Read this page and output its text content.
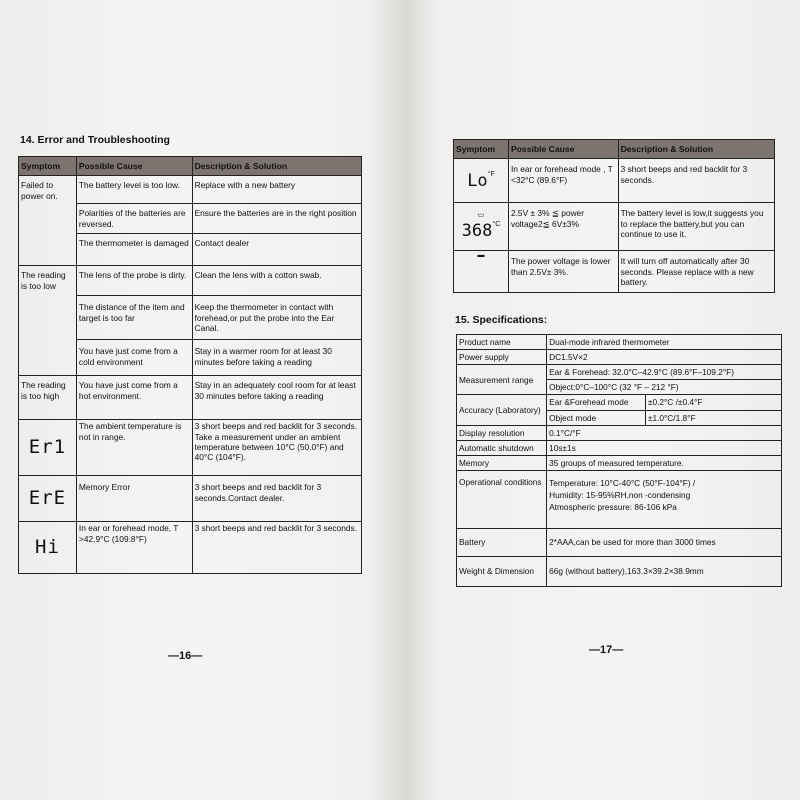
14. Error and Troubleshooting
Symptom	Possible Cause	Description & Solution
Failed to power on.	The battery level is too low.	Replace with a new battery
	Polarities of the batteries are reversed.	Ensure the batteries are in the right position
	The thermometer is damaged	Contact dealer
The reading is too low	The lens of the probe is dirty.	Clean the lens with a cotton swab.
	The distance of the item and target is too far	Keep the thermometer in contact with forehead,or put the probe into the Ear Canal.
	You have just come from a cold environment	Stay in a warmer room for at least 30 minutes before taking a reading
The reading is too high	You have just come from a hot environment.	Stay in an adequately cool room for at least 30 minutes before taking a reading

Er1	The ambient temperature is not in range.	3 short beeps and red backlit for 3 seconds. Take a measurement under an ambient temperature between 10°C (50.0°F) and 40°C (104°F).

ErE	Memory Error	3 short beeps and red backlit for 3 seconds.Contact dealer.

Hi	In ear or forehead mode, T >42.9°C (109.8°F)	3 short beeps and red backlit for 3 seconds.
—16—
Symptom	Possible Cause	Description & Solution
$Lo^{^\circ F}$	In ear or forehead mode , T <32°C (89.6°F)	3 short beeps and red backlit for 3 seconds.

▭
$368^{^\circ C}$	2.5V ± 3% ≦ power voltage2≦ 6V±3%	The battery level is low,it suggests you to replace the battery,but you can continue to use it.

▬	The power voltage is lower than 2.5V± 3%.	It will turn off automatically after 30 seconds. Please replace with a new battery.
15. Specifications:
Product name	Dual-mode infrared thermometer	
Power supply	DC1.5V×2	
Measurement range	Ear & Forehead: 32.0°C–42.9°C (89.6°F–109.2°F)	
	Object:0°C–100°C (32 °F – 212 °F)	
Accuracy (Laboratory)	Ear &Forehead mode	±0.2°C /±0.4°F
	Object mode	±1.0°C/1.8°F
Display resolution	0.1°C/°F	
Automatic shutdown	10s±1s	
Memory	35 groups of measured temperature.	
Operational conditions	Temperature: 10°C-40°C (50°F-104°F) /
Humidity: 15-95%RH,non -condensing
Atmospheric pressure: 86-106 kPa	

Battery	2*AAA,can be used for more than 3000 times	
Weight & Dimension	66g (without battery),163.3×39.2×38.9mm	
—17—
